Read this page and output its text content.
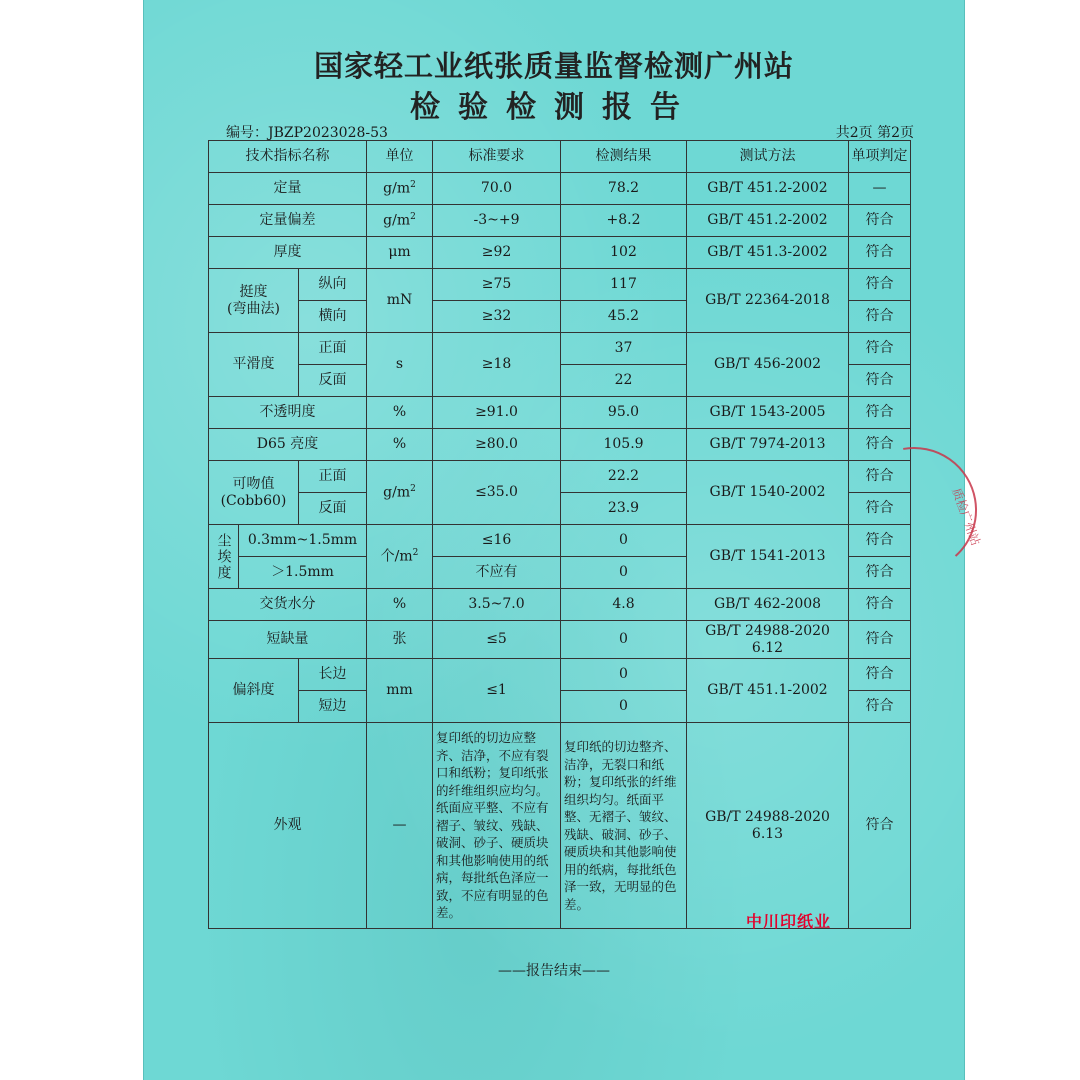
国家轻工业纸张质量监督检测广州站
检验检测报告
编号：JBZP2023028-53	共2页 第2页
技术指标名称			单位	标准要求	检测结果	测试方法	单项判定
定量			$g/m^2$	70.0	78.2	GB/T 451.2-2002	—
定量偏差			$g/m^2$	-3~+9	+8.2	GB/T 451.2-2002	符合
厚度			μm	≥92	102	GB/T 451.3-2002	符合

挺度
(弯曲法)		纵向	mN	≥75	117	GB/T 22364-2018	符合
		横向		≥32	45.2		符合
平滑度		正面	s	≥18	37	GB/T 456-2002	符合
		反面			22		符合
不透明度			%	≥91.0	95.0	GB/T 1543-2005	符合
D65 亮度			%	≥80.0	105.9	GB/T 7974-2013	符合

可吻值
(Cobb60)		正面	$g/m^2$	≤35.0	22.2	GB/T 1540-2002	符合
		反面			23.9		符合
尘埃度	0.3mm~1.5mm		个$/m^2$	≤16	0	GB/T 1541-2013	符合
	＞1.5mm			不应有	0		符合
交货水分			%	3.5~7.0	4.8	GB/T 462-2008	符合
短缺量			张	≤5	0	GB/T 24988-2020 6.12	符合
偏斜度		长边	mm	≤1	0	GB/T 451.1-2002	符合
		短边			0		符合
外观			—	复印纸的切边应整齐、洁净，不应有裂口和纸粉；复印纸张的纤维组织应均匀。纸面应平整、不应有褶子、皱纹、残缺、破洞、砂子、硬质块和其他影响使用的纸病，每批纸色泽应一致，不应有明显的色差。	复印纸的切边整齐、洁净，无裂口和纸粉；复印纸张的纤维组织均匀。纸面平整、无褶子、皱纹、残缺、破洞、砂子、硬质块和其他影响使用的纸病，每批纸色泽一致，无明显的色差。	GB/T 24988-2020 6.13	符合
——报告结束——
中川印纸业
质检广州站
